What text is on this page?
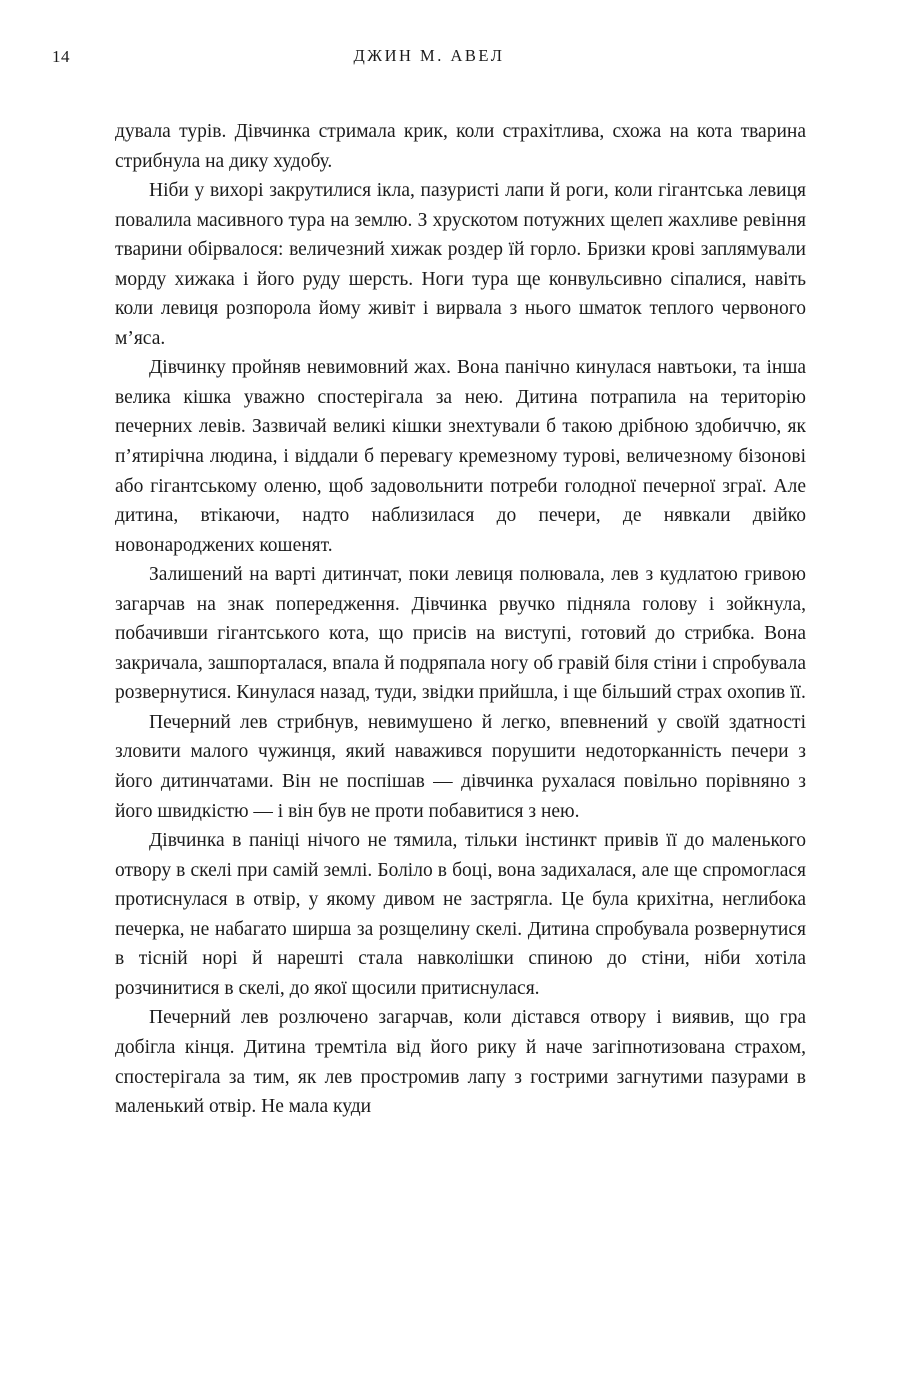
14	ДЖИН М. АВЕЛ

дувала турів. Дівчинка стримала крик, коли страхітлива, схожа на кота тварина стрибнула на дику худобу.

Ніби у вихорі закрутилися ікла, пазуристі лапи й роги, коли гігантська левиця повалила масивного тура на землю. З хрускотом потужних щелеп жахливе ревіння тварини обірвалося: величезний хижак роздер їй горло. Бризки крові заплямували морду хижака і його руду шерсть. Ноги тура ще конвульсивно сіпалися, навіть коли левиця розпорола йому живіт і вирвала з нього шматок теплого червоного м’яса.

Дівчинку пройняв невимовний жах. Вона панічно кинулася навтьоки, та інша велика кішка уважно спостерігала за нею. Дитина потрапила на територію печерних левів. Зазвичай великі кішки знехтували б такою дрібною здобиччю, як п’ятирічна людина, і віддали б перевагу кремезному турові, величезному бізонові або гігантському оленю, щоб задовольнити потреби голодної печерної зграї. Але дитина, втікаючи, надто наблизилася до печери, де нявкали двійко новонароджених кошенят.

Залишений на варті дитинчат, поки левиця полювала, лев з кудлатою гривою загарчав на знак попередження. Дівчинка рвучко підняла голову і зойкнула, побачивши гігантського кота, що присів на виступі, готовий до стрибка. Вона закричала, зашпорталася, впала й подряпала ногу об гравій біля стіни і спробувала розвернутися. Кинулася назад, туди, звідки прийшла, і ще більший страх охопив її.

Печерний лев стрибнув, невимушено й легко, впевнений у своїй здатності зловити малого чужинця, який наважився порушити недоторканність печери з його дитинчатами. Він не поспішав — дівчинка рухалася повільно порівняно з його швидкістю — і він був не проти побавитися з нею.

Дівчинка в паніці нічого не тямила, тільки інстинкт привів її до маленького отвору в скелі при самій землі. Боліло в боці, вона задихалася, але ще спромоглася протиснулася в отвір, у якому дивом не застрягла. Це була крихітна, неглибока печерка, не набагато ширша за розщелину скелі. Дитина спробувала розвернутися в тісній норі й нарешті стала навколішки спиною до стіни, ніби хотіла розчинитися в скелі, до якої щосили притиснулася.

Печерний лев розлючено загарчав, коли дістався отвору і виявив, що гра добігла кінця. Дитина тремтіла від його рику й наче загіпнотизована страхом, спостерігала за тим, як лев простромив лапу з гострими загнутими пазурами в маленький отвір. Не мала куди
